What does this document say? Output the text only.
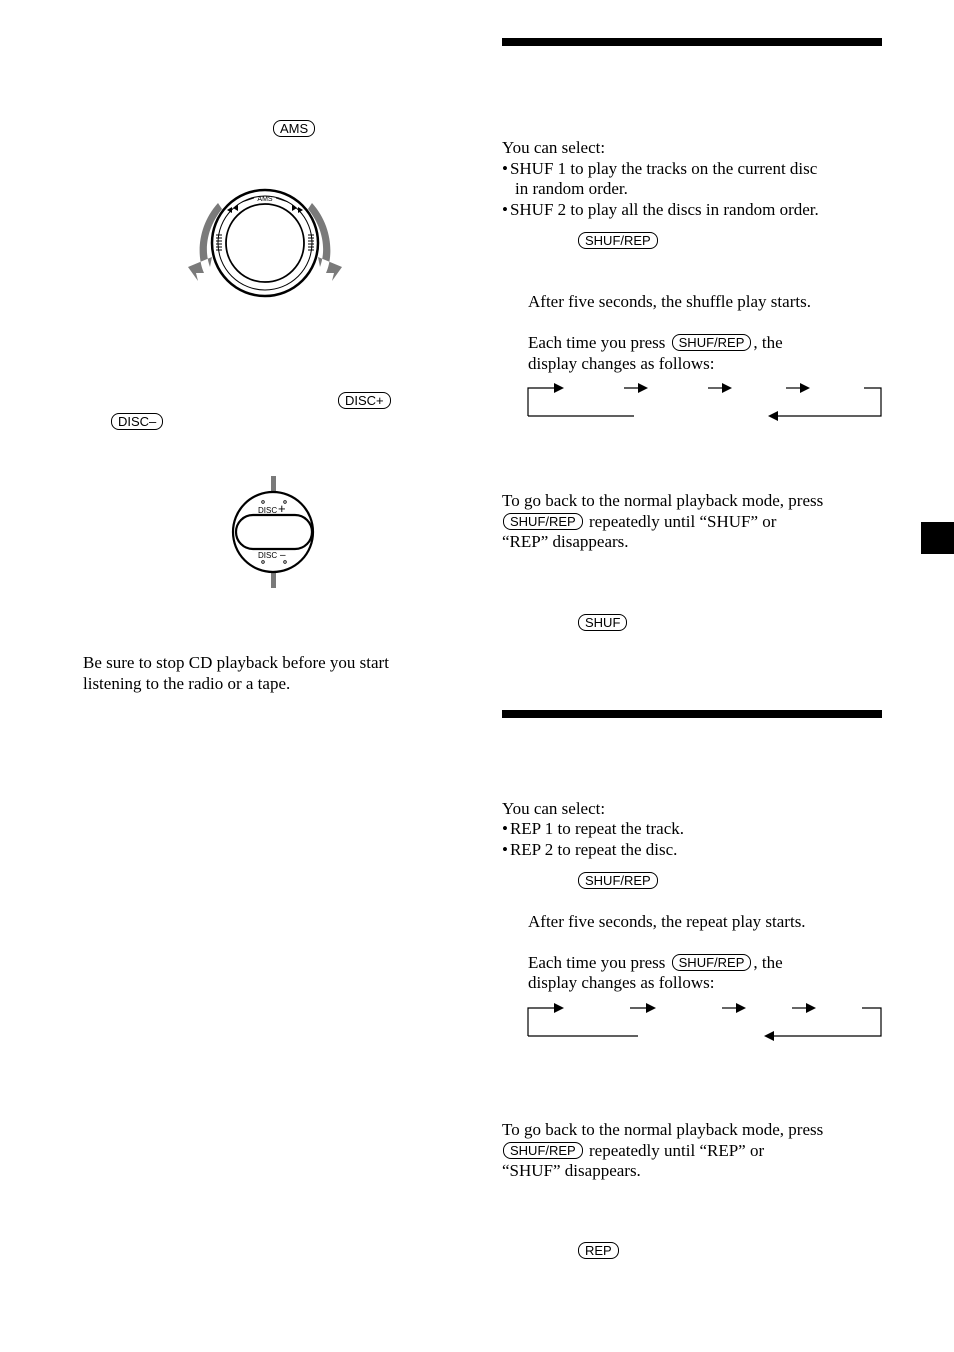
AMS
AMS
DISC+
DISC–
DISC +
DISC –
Be sure to stop CD playback before you start
listening to the radio or a tape.
You can select:
• SHUF 1 to play the tracks on the current disc
in random order.
• SHUF 2 to play all the discs in random order.
SHUF/REP
After five seconds, the shuffle play starts.
Each time you press SHUF/REP , the
display changes as follows:
To go back to the normal playback mode, press
SHUF/REP repeatedly until “SHUF” or
“REP” disappears.
SHUF
You can select:
• REP 1 to repeat the track.
• REP 2 to repeat the disc.
SHUF/REP
After five seconds, the repeat play starts.
Each time you press SHUF/REP , the
display changes as follows:
To go back to the normal playback mode, press
SHUF/REP repeatedly until “REP” or
“SHUF” disappears.
REP
